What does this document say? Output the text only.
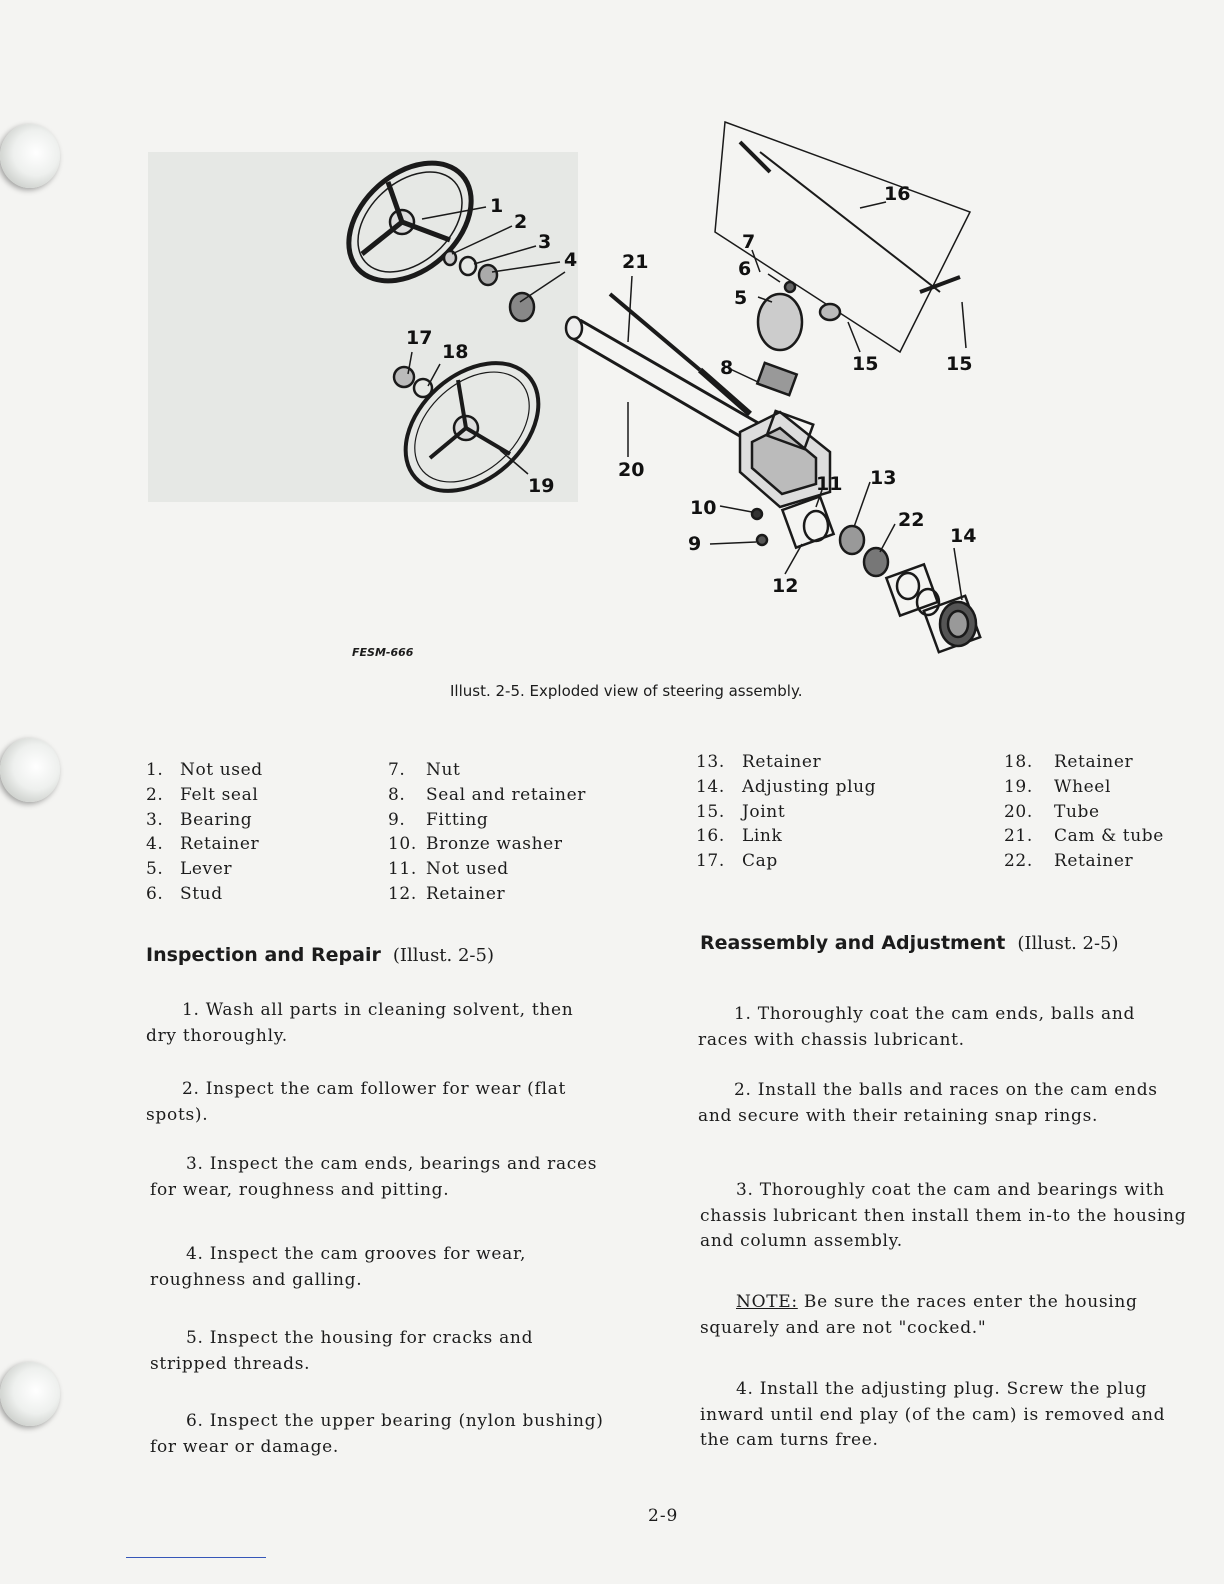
1
2
3
4 21
17
18
19
20
16
7
6
5
15	15
8
11 13
10
22
14
9
12
FESM-666
Illust. 2-5. Exploded view of steering assembly.
1. Not used
2. Felt seal
3. Bearing
4. Retainer
5. Lever
6. Stud
7.	Nut
8.	Seal and retainer
9.	Fitting
10. Bronze washer
11. Not used
12. Retainer
13.	Retainer
14.	Adjusting plug
15.	Joint
16.	Link
17.	Cap
18.	Retainer
19.	Wheel
20.	Tube
21.	Cam & tube
22.	Retainer
Inspection and Repair (Illust. 2-5)
1. Wash all parts in cleaning solvent, then dry thoroughly.
2. Inspect the cam follower for wear (flat spots).
3. Inspect the cam ends, bearings and races for wear, roughness and pitting.
4. Inspect the cam grooves for wear, roughness and galling.
5. Inspect the housing for cracks and stripped threads.
6. Inspect the upper bearing (nylon bushing) for wear or damage.
Reassembly and Adjustment (Illust. 2-5)
1. Thoroughly coat the cam ends, balls and races with chassis lubricant.
2. Install the balls and races on the cam ends and secure with their retaining snap rings.
3. Thoroughly coat the cam and bearings with chassis lubricant then install them in-to the housing and column assembly.
NOTE: Be sure the races enter the housing squarely and are not "cocked."
4. Install the adjusting plug. Screw the plug inward until end play (of the cam) is removed and the cam turns free.
2-9
